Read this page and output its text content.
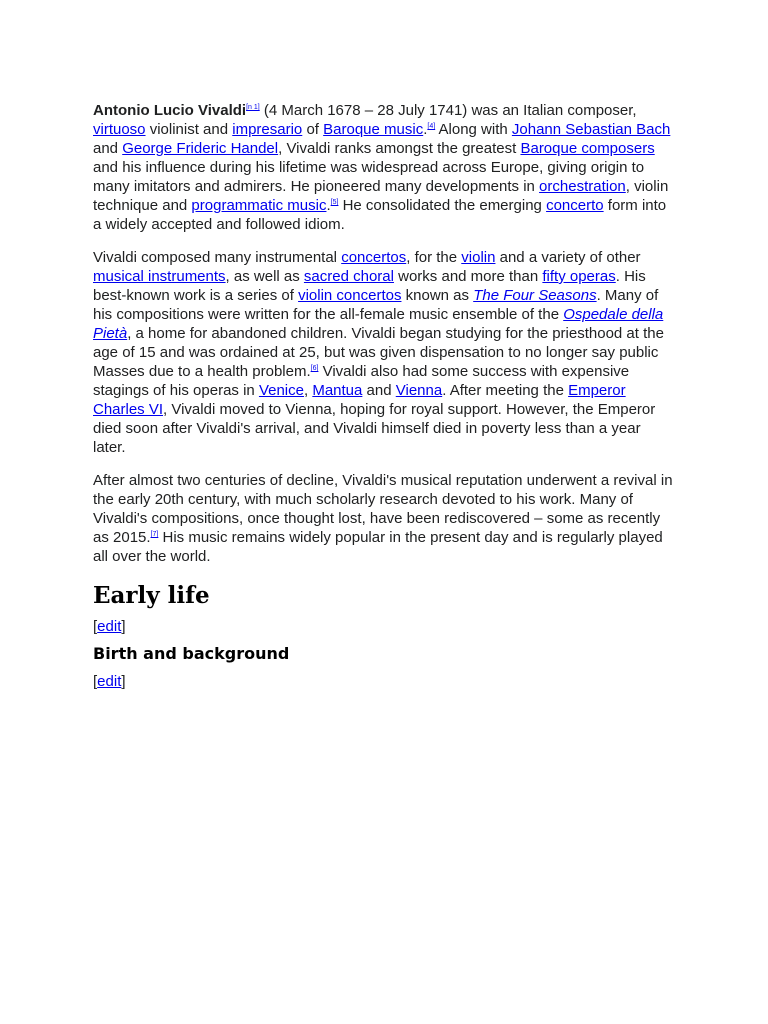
Antonio Lucio Vivaldi[n 1] (4 March 1678 – 28 July 1741) was an Italian composer, virtuoso violinist and impresario of Baroque music.[4] Along with Johann Sebastian Bach and George Frideric Handel, Vivaldi ranks amongst the greatest Baroque composers and his influence during his lifetime was widespread across Europe, giving origin to many imitators and admirers. He pioneered many developments in orchestration, violin technique and programmatic music.[5] He consolidated the emerging concerto form into a widely accepted and followed idiom.

Vivaldi composed many instrumental concertos, for the violin and a variety of other musical instruments, as well as sacred choral works and more than fifty operas. His best-known work is a series of violin concertos known as The Four Seasons. Many of his compositions were written for the all-female music ensemble of the Ospedale della Pietà, a home for abandoned children. Vivaldi began studying for the priesthood at the age of 15 and was ordained at 25, but was given dispensation to no longer say public Masses due to a health problem.[6] Vivaldi also had some success with expensive stagings of his operas in Venice, Mantua and Vienna. After meeting the Emperor Charles VI, Vivaldi moved to Vienna, hoping for royal support. However, the Emperor died soon after Vivaldi's arrival, and Vivaldi himself died in poverty less than a year later.

After almost two centuries of decline, Vivaldi's musical reputation underwent a revival in the early 20th century, with much scholarly research devoted to his work. Many of Vivaldi's compositions, once thought lost, have been rediscovered – some as recently as 2015.[7] His music remains widely popular in the present day and is regularly played all over the world.

Early life
[edit]
Birth and background
[edit]
